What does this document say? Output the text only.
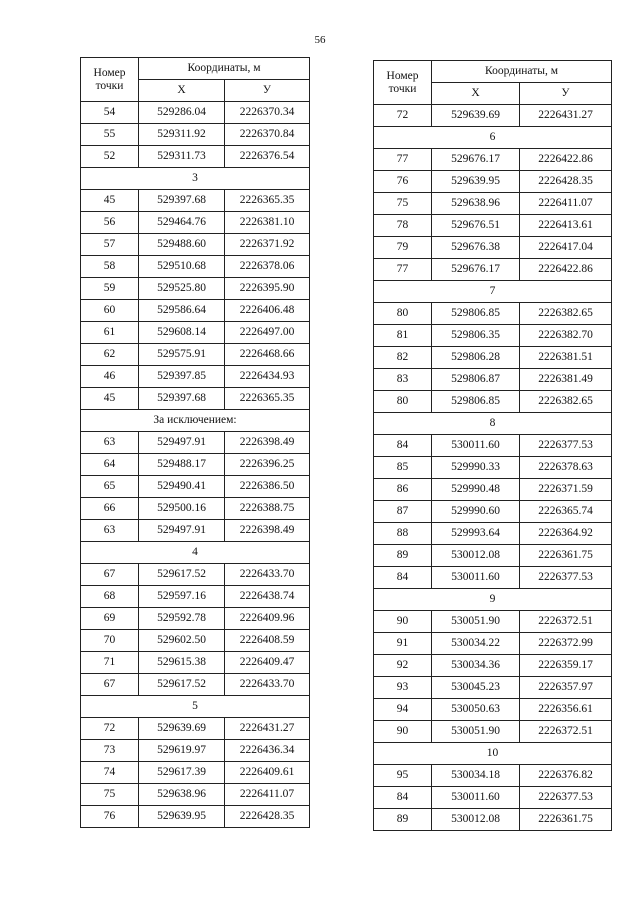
56
Номер точки	Координаты, м	
	X	У
54	529286.04	2226370.34
55	529311.92	2226370.84
52	529311.73	2226376.54
3		
45	529397.68	2226365.35
56	529464.76	2226381.10
57	529488.60	2226371.92
58	529510.68	2226378.06
59	529525.80	2226395.90
60	529586.64	2226406.48
61	529608.14	2226497.00
62	529575.91	2226468.66
46	529397.85	2226434.93
45	529397.68	2226365.35
За исключением:		
63	529497.91	2226398.49
64	529488.17	2226396.25
65	529490.41	2226386.50
66	529500.16	2226388.75
63	529497.91	2226398.49
4		
67	529617.52	2226433.70
68	529597.16	2226438.74
69	529592.78	2226409.96
70	529602.50	2226408.59
71	529615.38	2226409.47
67	529617.52	2226433.70
5		
72	529639.69	2226431.27
73	529619.97	2226436.34
74	529617.39	2226409.61
75	529638.96	2226411.07
76	529639.95	2226428.35
Номер точки	Координаты, м	
	X	У
72	529639.69	2226431.27
6		
77	529676.17	2226422.86
76	529639.95	2226428.35
75	529638.96	2226411.07
78	529676.51	2226413.61
79	529676.38	2226417.04
77	529676.17	2226422.86
7		
80	529806.85	2226382.65
81	529806.35	2226382.70
82	529806.28	2226381.51
83	529806.87	2226381.49
80	529806.85	2226382.65
8		
84	530011.60	2226377.53
85	529990.33	2226378.63
86	529990.48	2226371.59
87	529990.60	2226365.74
88	529993.64	2226364.92
89	530012.08	2226361.75
84	530011.60	2226377.53
9		
90	530051.90	2226372.51
91	530034.22	2226372.99
92	530034.36	2226359.17
93	530045.23	2226357.97
94	530050.63	2226356.61
90	530051.90	2226372.51
10		
95	530034.18	2226376.82
84	530011.60	2226377.53
89	530012.08	2226361.75
